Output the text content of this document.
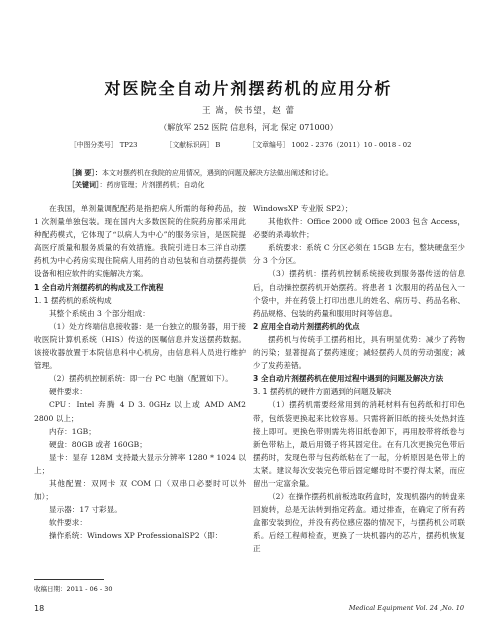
对医院全自动片剂摆药机的应用分析
王 嵩，侯书望，赵 蕾
（解放军 252 医院 信息科，河北 保定 071000）
［中图分类号］ TP23	［文献标识码］ B	［文章编号］ 1002 - 2376（2011）10 - 0018 - 02
［摘 要］：本文对摆药机在我院的应用情况，遇到的问题及解决方法做出阐述和讨论。
［关键词］：药房管理；片剂摆药机；自动化

在我国，单剂量调配配药是指把病人所需的每种药品，按 1 次剂量单独包装。现在国内大多数医院的住院药房都采用此种配药模式，它体现了“以病人为中心”的服务宗旨，是医院提高医疗质量和服务质量的有效措施。我院引进日本三洋自动摆药机为中心药房实现住院病人用药的自动包装和自动摆药提供设备和相应软件的实施解决方案。

1 全自动片剂摆药机的构成及工作流程

1. 1 摆药机的系统构成

其整个系统由 3 个部分组成：

（1）处方终端信息接收器：是一台独立的服务器，用于接收医院计算机系统（HIS）传送的医嘱信息并发送摆药数据。该接收器放置于本院信息科中心机房，由信息科人员进行维护管理。

（2）摆药机控制系统：即一台 PC 电脑（配置如下）。

硬件要求：

CPU：Intel 奔腾 4 D 3. 0GHz 以上或 AMD AM2 2800 以上；

内存：1GB；

硬盘：80GB 或者 160GB；

显卡：显存 128M 支持最大显示分辨率 1280 * 1024 以上；

其他配置：双网卡 双 COM 口（双串口必要时可以外加）；

显示器：17 寸彩显。

软件要求：

操作系统：Windows XP ProfessionalSP2（即：

WindowsXP 专业版 SP2）；

其他软件：Office 2000 或 Office 2003 包含 Access，必要的杀毒软件；

系统要求：系统 C 分区必须在 15GB 左右，整块硬盘至少分 3 个分区。

（3）摆药机：摆药机控制系统接收到服务器传送的信息后，自动操控摆药机开始摆药。将患者 1 次服用的药品包入一个袋中，并在药袋上打印出患儿的姓名、病历号、药品名称、药品规格、包装的药量和服用时间等信息。

2 应用全自动片剂摆药机的优点

摆药机与传统手工摆药相比，具有明显优势：减少了药物的污染；显著提高了摆药速度；减轻摆药人员的劳动强度；减少了发药差错。

3 全自动片剂摆药机在使用过程中遇到的问题及解决方法

3. 1 摆药机的硬件方面遇到的问题及解决

（1）摆药机需要经常用到的消耗材料有包药纸和打印色带，包纸袋更换起来比较容易。只需将新旧纸的接头处热封连接上即可。更换色带则需先将旧纸卷卸下，再用胶带将纸卷与新色带粘上，最后用镊子将其固定住。在有几次更换完色带后摆药时，发现色带与包药纸粘在了一起，分析原因是色带上的太紧。建议每次安装完色带后固定螺母时不要拧得太紧，而应留出一定富余量。

（2）在操作摆药机前板选取药盒时，发现机器内的转盘来回旋转，总是无法转到指定药盒。通过排查，在确定了所有药盒都安装到位，并没有药位感应器的情况下，与摆药机公司联系。后经工程师检查，更换了一块机器内的芯片，摆药机恢复正

收稿日期：2011 - 06 - 30
18	Medical Equipment Vol. 24 ,No. 10
